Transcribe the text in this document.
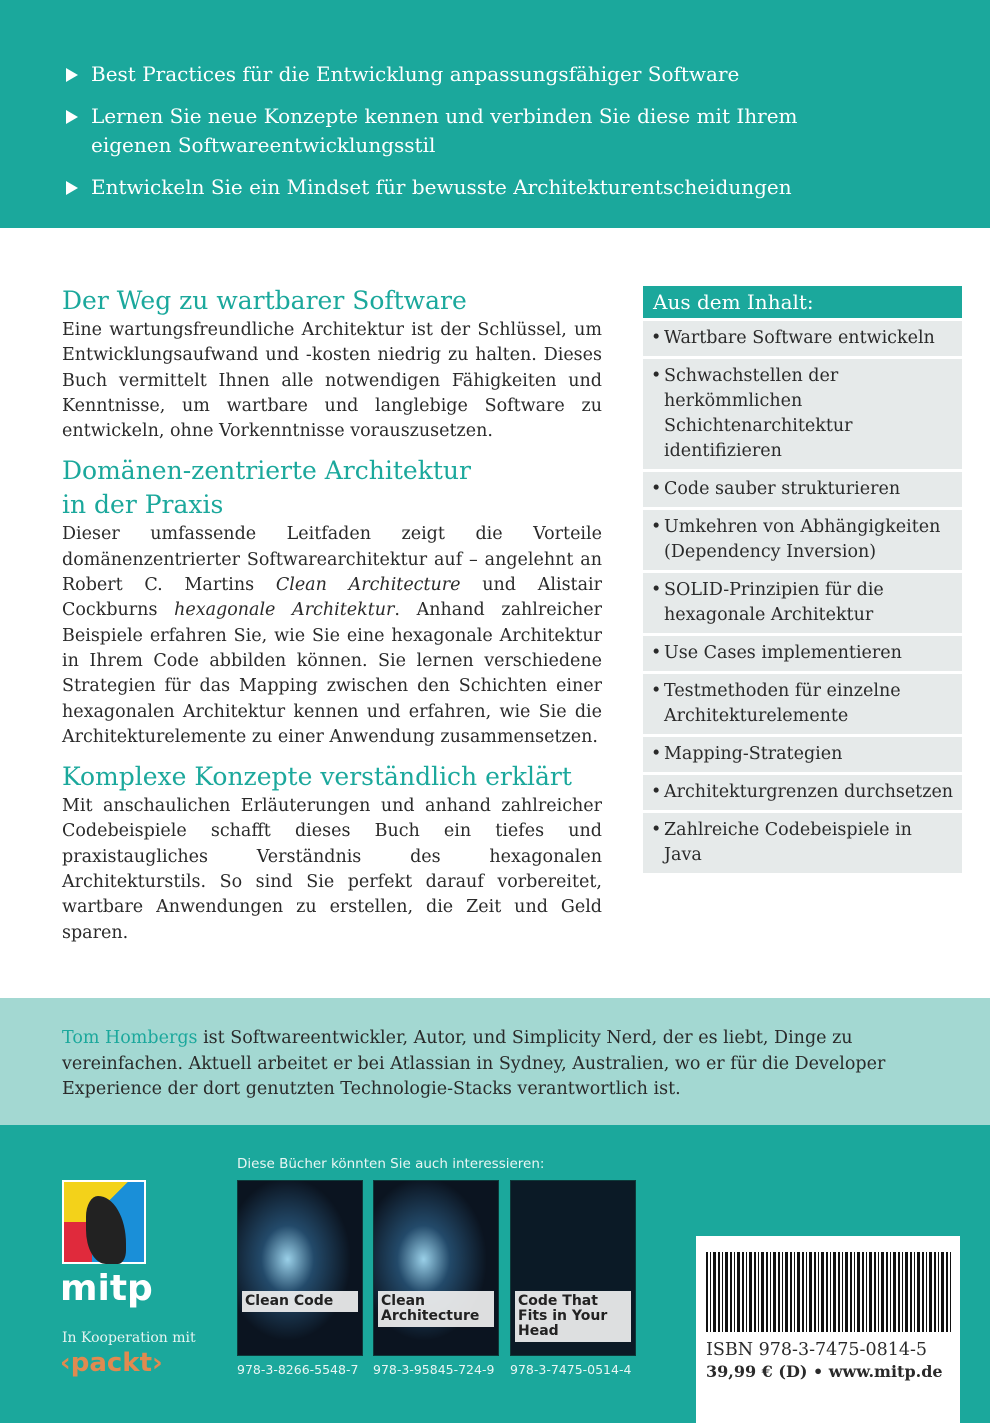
Best Practices für die Entwicklung anpassungsfähiger Software
Lernen Sie neue Konzepte kennen und verbinden Sie diese mit Ihrem eigenen Softwareentwicklungsstil
Entwickeln Sie ein Mindset für bewusste Architekturentscheidungen
Der Weg zu wartbarer Software

Eine wartungsfreundliche Architektur ist der Schlüssel, um Entwicklungsaufwand und -kosten niedrig zu halten. Dieses Buch vermittelt Ihnen alle notwendigen Fähigkeiten und Kenntnisse, um wartbare und langlebige Software zu entwickeln, ohne Vorkenntnisse vorauszusetzen.

Domänen-zentrierte Architektur in der Praxis

Dieser umfassende Leitfaden zeigt die Vorteile domänenzentrierter Softwarearchitektur auf – angelehnt an Robert C. Martins Clean Architecture und Alistair Cockburns hexagonale Architektur. Anhand zahlreicher Beispiele erfahren Sie, wie Sie eine hexagonale Architektur in Ihrem Code abbilden können. Sie lernen verschiedene Strategien für das Mapping zwischen den Schichten einer hexagonalen Architektur kennen und erfahren, wie Sie die Architekturelemente zu einer Anwendung zusammensetzen.

Komplexe Konzepte verständlich erklärt

Mit anschaulichen Erläuterungen und anhand zahlreicher Codebeispiele schafft dieses Buch ein tiefes und praxistaugliches Verständnis des hexagonalen Architekturstils. So sind Sie perfekt darauf vorbereitet, wartbare Anwendungen zu erstellen, die Zeit und Geld sparen.

Aus dem Inhalt:
• Wartbare Software entwickeln
• Schwachstellen der herkömmlichen Schichtenarchitektur identifizieren
• Code sauber strukturieren
• Umkehren von Abhängigkeiten (Dependency Inversion)
• SOLID-Prinzipien für die hexagonale Architektur
• Use Cases implementieren
• Testmethoden für einzelne Architekturelemente
• Mapping-Strategien
• Architekturgrenzen durchsetzen
• Zahlreiche Codebeispiele in Java
Tom Hombergs ist Softwareentwickler, Autor, und Simplicity Nerd, der es liebt, Dinge zu vereinfachen. Aktuell arbeitet er bei Atlassian in Sydney, Australien, wo er für die Developer Experience der dort genutzten Technologie-Stacks verantwortlich ist.
mitp
In Kooperation mit
‹packt›
Diese Bücher könnten Sie auch interessieren:
Clean Code	Clean Architecture
Code That Fits in Your Head
978-3-8266-5548-7 978-3-95845-724-9 978-3-7475-0514-4
ISBN 978-3-7475-0814-5
39,99 € (D) • www.mitp.de
